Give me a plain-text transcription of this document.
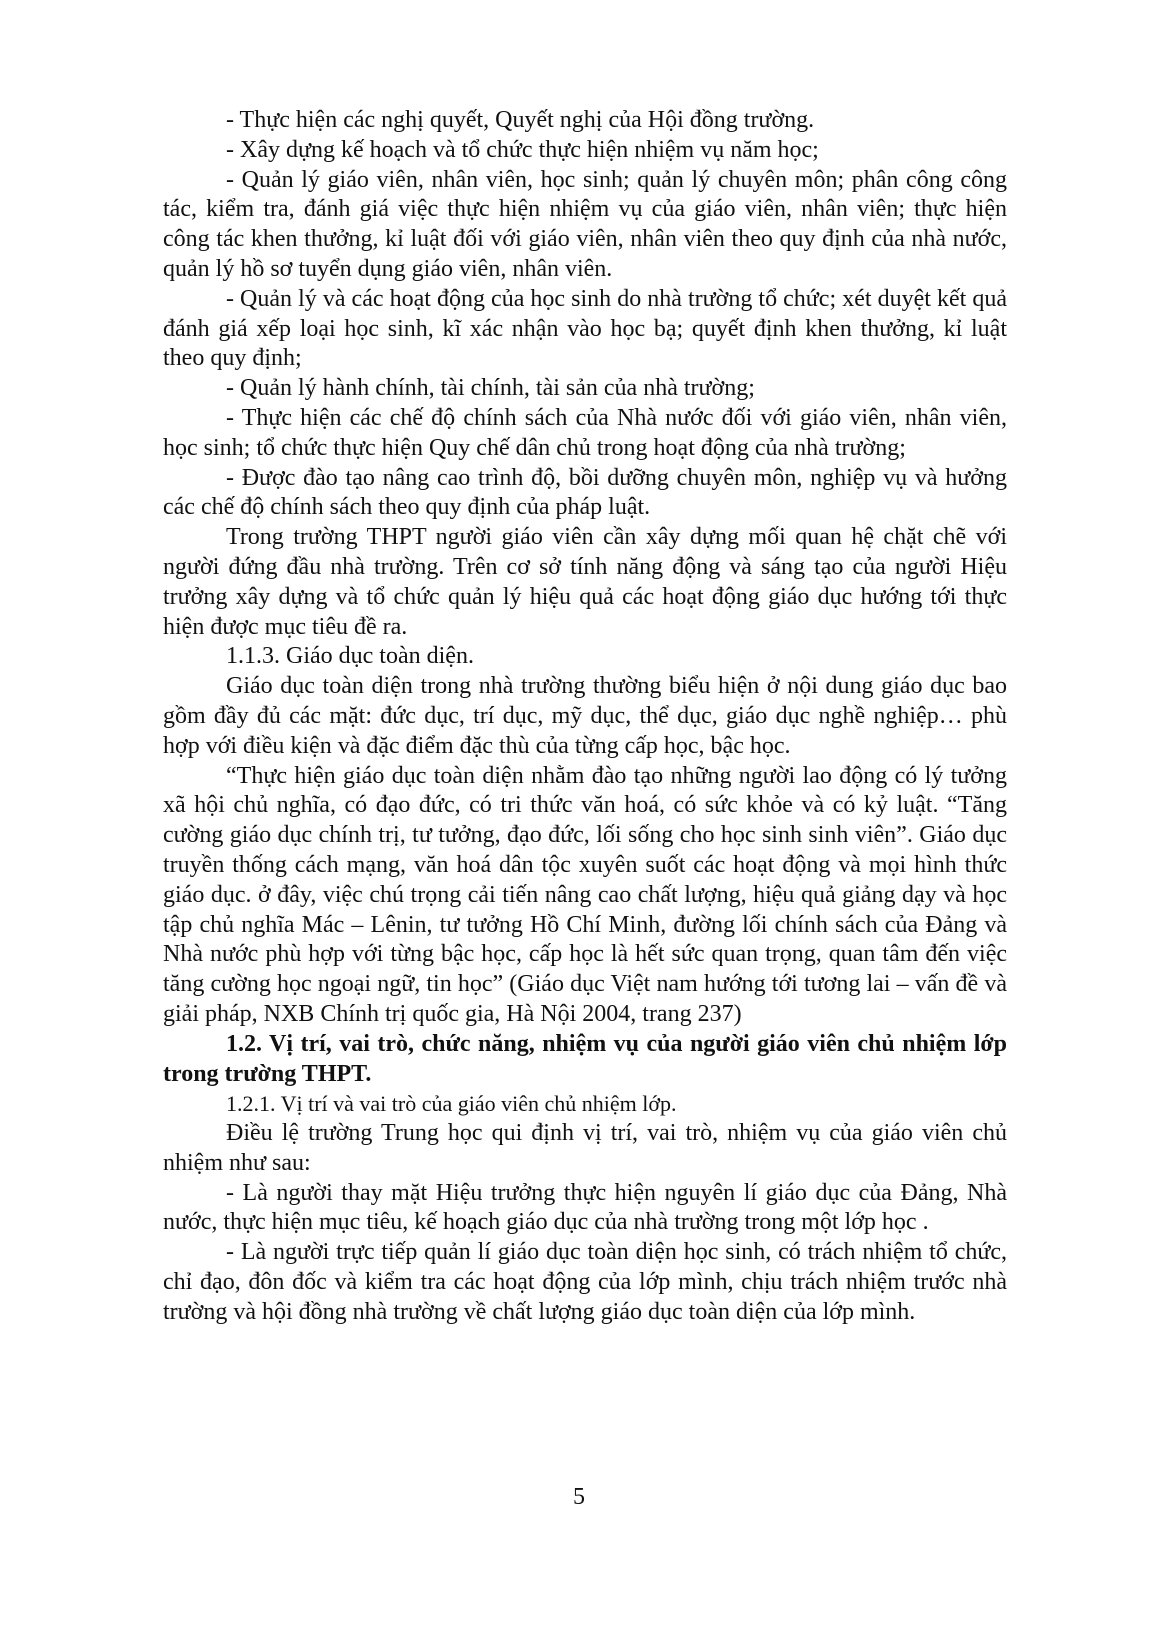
- Thực hiện các nghị quyết, Quyết nghị của Hội đồng trường.

- Xây dựng kế hoạch và tổ chức thực hiện nhiệm vụ năm học;

- Quản lý giáo viên, nhân viên, học sinh; quản lý chuyên môn; phân công công tác, kiểm tra, đánh giá việc thực hiện nhiệm vụ của giáo viên, nhân viên; thực hiện công tác khen thưởng, kỉ luật đối với giáo viên, nhân viên theo quy định của nhà nước, quản lý hồ sơ tuyển dụng giáo viên, nhân viên.

- Quản lý và các hoạt động của học sinh do nhà trường tổ chức; xét duyệt kết quả đánh giá xếp loại học sinh, kĩ xác nhận vào học bạ; quyết định khen thưởng, kỉ luật theo quy định;

- Quản lý hành chính, tài chính, tài sản của nhà trường;

- Thực hiện các chế độ chính sách của Nhà nước đối với giáo viên, nhân viên, học sinh; tổ chức thực hiện Quy chế dân chủ trong hoạt động của nhà trường;

- Được đào tạo nâng cao trình độ, bồi dưỡng chuyên môn, nghiệp vụ và hưởng các chế độ chính sách theo quy định của pháp luật.

Trong trường THPT người giáo viên cần xây dựng mối quan hệ chặt chẽ với người đứng đầu nhà trường. Trên cơ sở tính năng động và sáng tạo của người Hiệu trưởng xây dựng và tổ chức quản lý hiệu quả các hoạt động giáo dục hướng tới thực hiện được mục tiêu đề ra.

1.1.3. Giáo dục toàn diện.

Giáo dục toàn diện trong nhà trường thường biểu hiện ở nội dung giáo dục bao gồm đầy đủ các mặt: đức dục, trí dục, mỹ dục, thể dục, giáo dục nghề nghiệp… phù hợp với điều kiện và đặc điểm đặc thù của từng cấp học, bậc học.

“Thực hiện giáo dục toàn diện nhằm đào tạo những người lao động có lý tưởng xã hội chủ nghĩa, có đạo đức, có tri thức văn hoá, có sức khỏe và có kỷ luật. “Tăng cường giáo dục chính trị, tư tưởng, đạo đức, lối sống cho học sinh sinh viên”. Giáo dục truyền thống cách mạng, văn hoá dân tộc xuyên suốt các hoạt động và mọi hình thức giáo dục. ở đây, việc chú trọng cải tiến nâng cao chất lượng, hiệu quả giảng dạy và học tập chủ nghĩa Mác – Lênin, tư tưởng Hồ Chí Minh, đường lối chính sách của Đảng và Nhà nước phù hợp với từng bậc học, cấp học là hết sức quan trọng, quan tâm đến việc tăng cường học ngoại ngữ, tin học” (Giáo dục Việt nam hướng tới tương lai – vấn đề và giải pháp, NXB Chính trị quốc gia, Hà Nội 2004, trang 237)

1.2. Vị trí, vai trò, chức năng, nhiệm vụ của người giáo viên chủ nhiệm lớp trong trường THPT.

1.2.1. Vị trí và vai trò của giáo viên chủ nhiệm lớp.

Điều lệ trường Trung học qui định vị trí, vai trò, nhiệm vụ của giáo viên chủ nhiệm như sau:

- Là người thay mặt Hiệu trưởng thực hiện nguyên lí giáo dục của Đảng, Nhà nước, thực hiện mục tiêu, kế hoạch giáo dục của nhà trường trong một lớp học .

- Là người trực tiếp quản lí giáo dục toàn diện học sinh, có trách nhiệm tổ chức, chỉ đạo, đôn đốc và kiểm tra các hoạt động của lớp mình, chịu trách nhiệm trước nhà trường và hội đồng nhà trường về chất lượng giáo dục toàn diện của lớp mình.

5
